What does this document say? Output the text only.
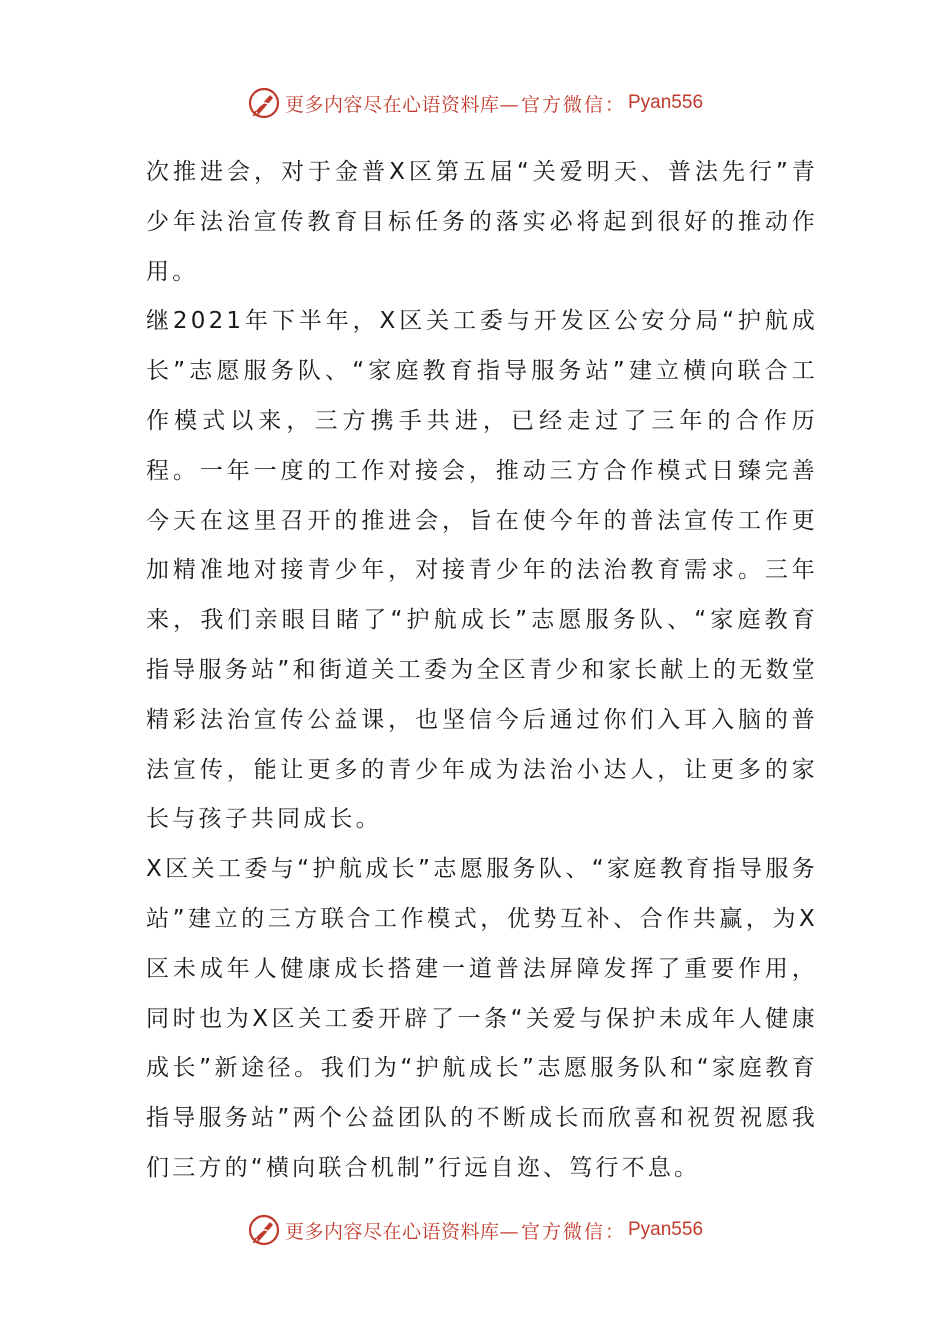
更多内容尽在心语资料库— 官方微信： Pyan556

次推进会，对于金普X区第五届“关爱明天、普法先行”青少年法治宣传教育目标任务的落实必将起到很好的推动作用。

继2021年下半年，X区关工委与开发区公安分局“护航成长”志愿服务队、“家庭教育指导服务站”建立横向联合工作模式以来，三方携手共进，已经走过了三年的合作历程。一年一度的工作对接会，推动三方合作模式日臻完善今天在这里召开的推进会，旨在使今年的普法宣传工作更加精准地对接青少年，对接青少年的法治教育需求。三年来，我们亲眼目睹了“护航成长”志愿服务队、“家庭教育指导服务站”和街道关工委为全区青少和家长献上的无数堂精彩法治宣传公益课，也坚信今后通过你们入耳入脑的普法宣传，能让更多的青少年成为法治小达人，让更多的家长与孩子共同成长。

X区关工委与“护航成长”志愿服务队、“家庭教育指导服务站”建立的三方联合工作模式，优势互补、合作共赢，为X区未成年人健康成长搭建一道普法屏障发挥了重要作用，同时也为X区关工委开辟了一条“关爱与保护未成年人健康成长”新途径。我们为“护航成长”志愿服务队和“家庭教育指导服务站”两个公益团队的不断成长而欣喜和祝贺祝愿我们三方的“横向联合机制”行远自迩、笃行不息。

更多内容尽在心语资料库— 官方微信： Pyan556
